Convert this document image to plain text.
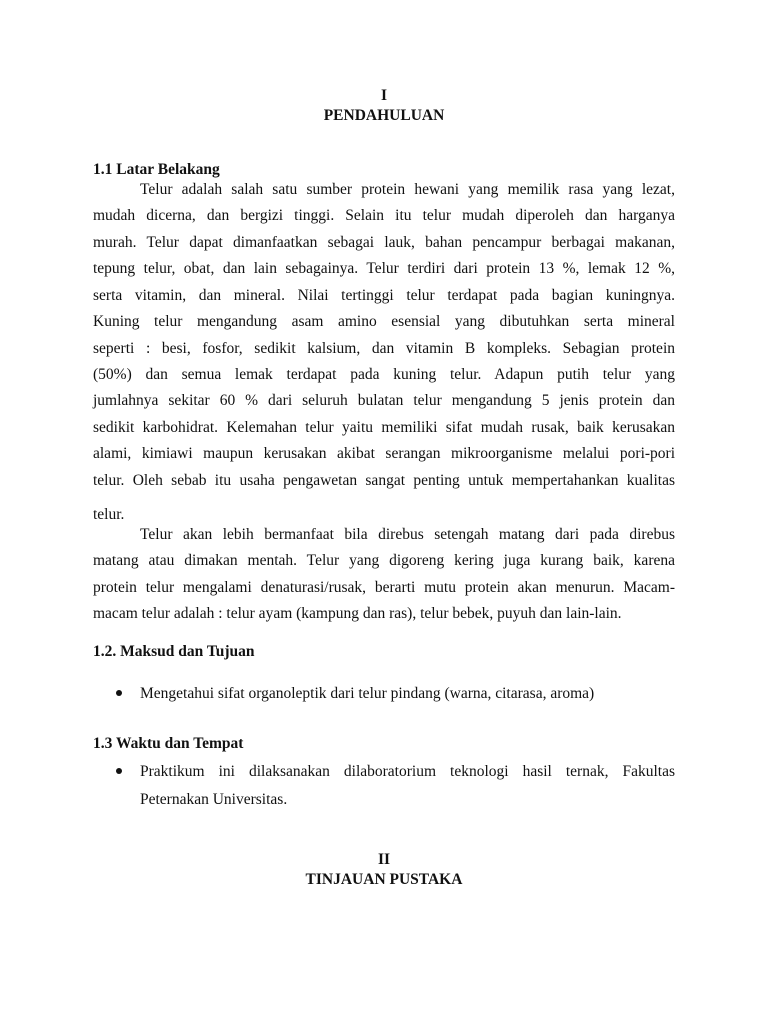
I
PENDAHULUAN
1.1 Latar Belakang
Telur adalah salah satu sumber protein hewani yang memilik rasa yang lezat,
mudah dicerna, dan bergizi tinggi. Selain itu telur mudah diperoleh dan harganya
murah. Telur dapat dimanfaatkan sebagai lauk, bahan pencampur berbagai makanan,
tepung telur, obat, dan lain sebagainya. Telur terdiri dari protein 13 %, lemak 12 %,
serta vitamin, dan mineral. Nilai tertinggi telur terdapat pada bagian kuningnya.
Kuning telur mengandung asam amino esensial yang dibutuhkan serta mineral
seperti : besi, fosfor, sedikit kalsium, dan vitamin B kompleks. Sebagian protein
(50%) dan semua lemak terdapat pada kuning telur. Adapun putih telur yang
jumlahnya sekitar 60 % dari seluruh bulatan telur mengandung 5 jenis protein dan
sedikit karbohidrat. Kelemahan telur yaitu memiliki sifat mudah rusak, baik kerusakan
alami, kimiawi maupun kerusakan akibat serangan mikroorganisme melalui pori-pori
telur. Oleh sebab itu usaha pengawetan sangat penting untuk mempertahankan kualitas
telur.
Telur akan lebih bermanfaat bila direbus setengah matang dari pada direbus
matang atau dimakan mentah. Telur yang digoreng kering juga kurang baik, karena
protein telur mengalami denaturasi/rusak, berarti mutu protein akan menurun. Macam-
macam telur adalah : telur ayam (kampung dan ras), telur bebek, puyuh dan lain-lain.
1.2. Maksud dan Tujuan
Mengetahui sifat organoleptik dari telur pindang (warna, citarasa, aroma)
1.3 Waktu dan Tempat
Praktikum ini dilaksanakan dilaboratorium teknologi hasil ternak, Fakultas
Peternakan Universitas.
II
TINJAUAN PUSTAKA
